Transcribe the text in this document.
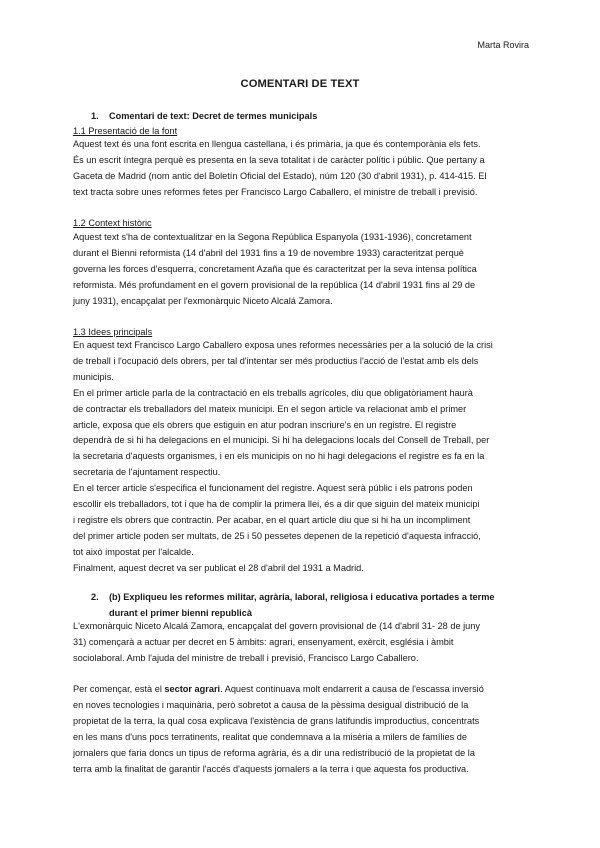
Marta Rovira
COMENTARI DE TEXT
1. Comentari de text: Decret de termes municipals
1.1 Presentació de la font

Aquest text és una font escrita en llengua castellana, i és primària, ja que és contemporània els fets.
És un escrit íntegra perquè es presenta en la seva totalitat i de caràcter polític i públic. Que pertany a
Gaceta de Madrid (nom antic del Boletín Oficial del Estado), núm 120 (30 d'abril 1931), p. 414-415. El
text tracta sobre unes reformes fetes per Francisco Largo Caballero, el ministre de treball i previsió.

1.2 Context històric

Aquest text s'ha de contextualitzar en la Segona República Espanyola (1931-1936), concretament
durant el Bienni reformista (14 d'abril del 1931 fins a 19 de novembre 1933) caracteritzat perquè
governa les forces d'esquerra, concretament Azaña que és caracteritzat per la seva intensa política
reformista. Més profundament en el govern provisional de la república (14 d'abril 1931 fins al 29 de
juny 1931), encapçalat per l'exmonàrquic Niceto Alcalá Zamora.

1.3 Idees principals

En aquest text Francisco Largo Caballero exposa unes reformes necessàries per a la solució de la crisi
de treball i l'ocupació dels obrers, per tal d'intentar ser més productius l'acció de l'estat amb els dels
municipis.
En el primer article parla de la contractació en els treballs agrícoles, diu que obligatòriament haurà
de contractar els treballadors del mateix municipi. En el segon article va relacionat amb el primer
article, exposa que els obrers que estiguin en atur podran inscriure's en un registre. El registre
dependrà de si hi ha delegacions en el municipi. Si hi ha delegacions locals del Consell de Treball, per
la secretaria d'aquests organismes, i en els municipis on no hi hagi delegacions el registre es fa en la
secretaria de l'ajuntament respectiu.
En el tercer article s'especifica el funcionament del registre. Aquest serà públic i els patrons poden
escollir els treballadors, tot i que ha de complir la primera llei, és a dir que siguin del mateix municipi
i registre els obrers que contractin. Per acabar, en el quart article diu que si hi ha un incompliment
del primer article poden ser multats, de 25 i 50 pessetes depenen de la repetició d'aquesta infracció,
tot això impostat per l'alcalde.
Finalment, aquest decret va ser publicat el 28 d'abril del 1931 a Madrid.

2. (b) Expliqueu les reformes militar, agrària, laboral, religiosa i educativa portades a terme
durant el primer bienni republicà

L'exmonàrquic Niceto Alcalá Zamora, encapçalat del govern provisional de (14 d'abril 31- 28 de juny
31) començarà a actuar per decret en 5 àmbits: agrari, ensenyament, exèrcit, església i àmbit
sociolaboral. Amb l'ajuda del ministre de treball i previsió, Francisco Largo Caballero.

Per començar, està el sector agrari. Aquest continuava molt endarrerit a causa de l'escassa inversió
en noves tecnologies i maquinària, però sobretot a causa de la pèssima desigual distribució de la
propietat de la terra, la qual cosa explicava l'existència de grans latifundis improductius, concentrats
en les mans d'uns pocs terratinents, realitat que condemnava a la misèria a milers de famílies de
jornalers que faria doncs un tipus de reforma agrària, és a dir una redistribució de la propietat de la
terra amb la finalitat de garantir l'accés d'aquests jornalers a la terra i que aquesta fos productiva.
